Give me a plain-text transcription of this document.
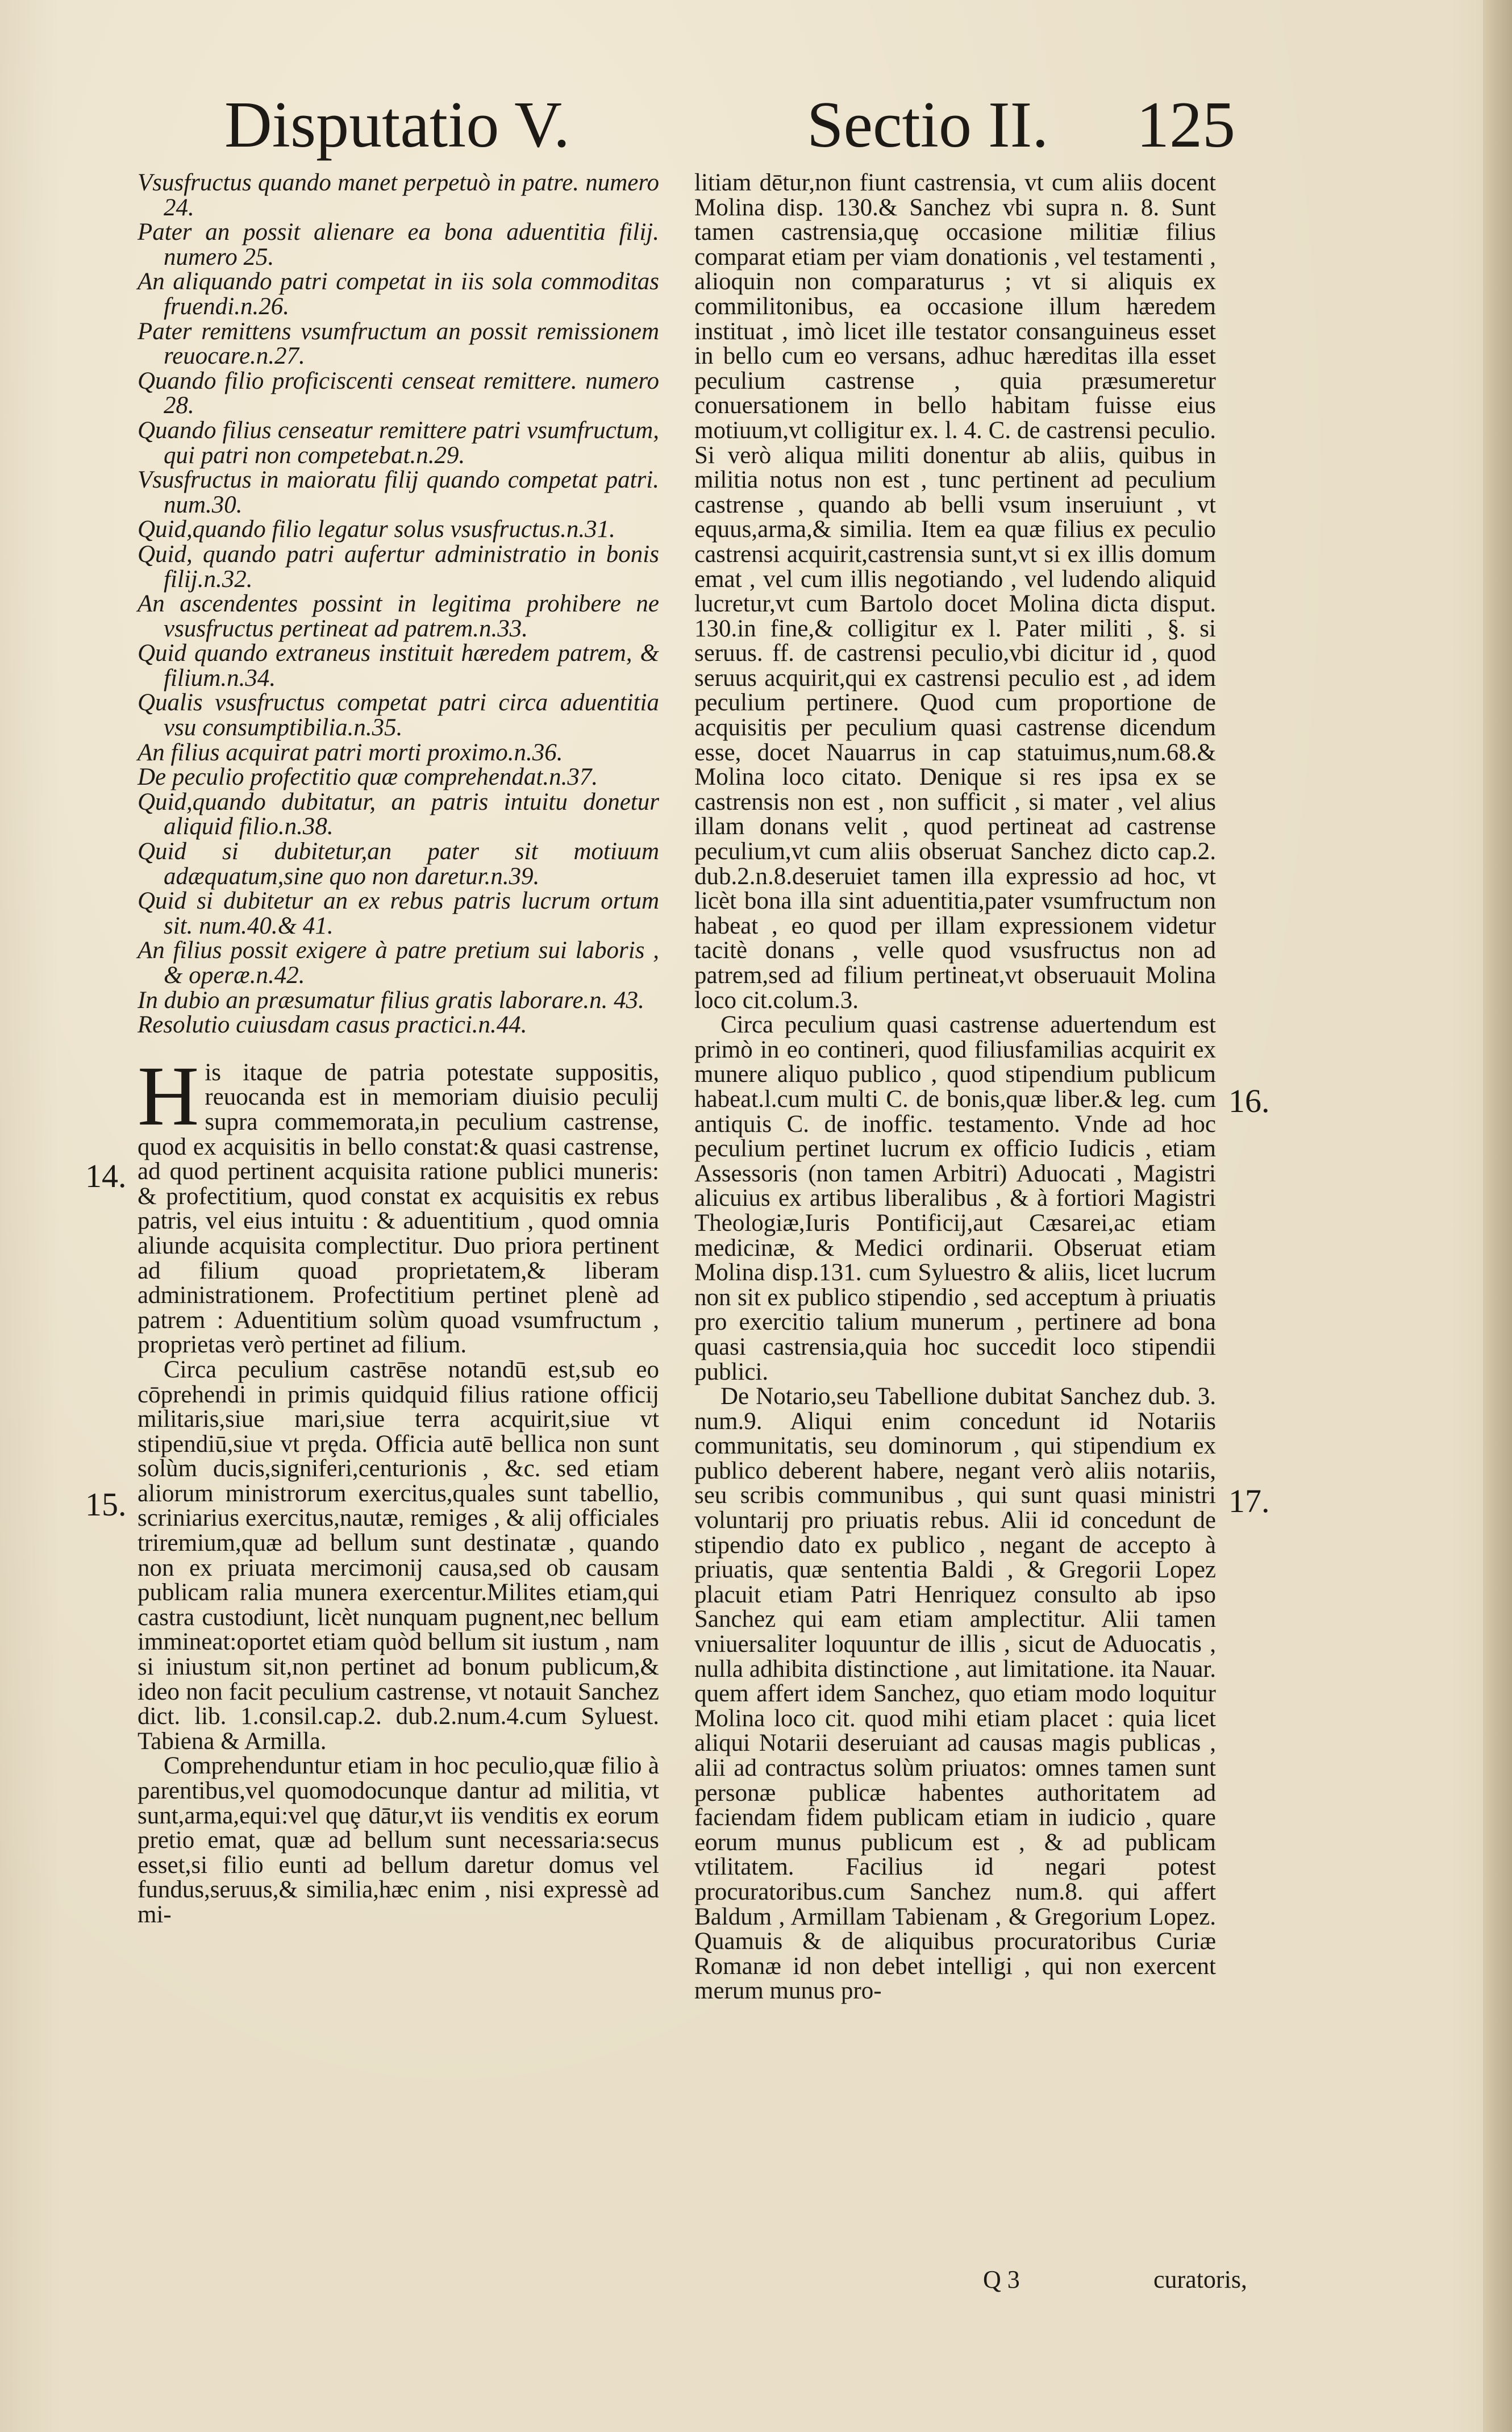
Disputatio V.	Sectio II. 125

Vsusfructus quando manet perpetuò in patre. numero 24.

Pater an possit alienare ea bona aduentitia filij. numero 25.

An aliquando patri competat in iis sola commoditas fruendi.n.26.

Pater remittens vsumfructum an possit remissionem reuocare.n.27.

Quando filio proficiscenti censeat remittere. numero 28.

Quando filius censeatur remittere patri vsumfructum, qui patri non competebat.n.29.

Vsusfructus in maioratu filij quando competat patri. num.30.

Quid,quando filio legatur solus vsusfructus.n.31.

Quid, quando patri aufertur administratio in bonis filij.n.32.

An ascendentes possint in legitima prohibere ne vsusfructus pertineat ad patrem.n.33.

Quid quando extraneus instituit hæredem patrem, & filium.n.34.

Qualis vsusfructus competat patri circa aduentitia vsu consumptibilia.n.35.

An filius acquirat patri morti proximo.n.36.

De peculio profectitio quæ comprehendat.n.37.

Quid,quando dubitatur, an patris intuitu donetur aliquid filio.n.38.

Quid si dubitetur,an pater sit motiuum adæquatum,sine quo non daretur.n.39.

Quid si dubitetur an ex rebus patris lucrum ortum sit. num.40.& 41.

An filius possit exigere à patre pretium sui laboris , & operæ.n.42.

In dubio an præsumatur filius gratis laborare.n. 43.

Resolutio cuiusdam casus practici.n.44.

His itaque de patria potestate suppositis, reuocanda est in memoriam diuisio peculij supra commemorata,in peculium castrense, quod ex acquisitis in bello constat:& quasi castrense, ad quod pertinent acquisita ratione publici muneris: & profectitium, quod constat ex acquisitis ex rebus patris, vel eius intuitu : & aduentitium , quod omnia aliunde acquisita complectitur. Duo priora pertinent ad filium quoad proprietatem,& liberam administrationem. Profectitium pertinet plenè ad patrem : Aduentitium solùm quoad vsumfructum , proprietas verò pertinet ad filium.

Circa peculium castrēse notandū est,sub eo cōprehendi in primis quidquid filius ratione officij militaris,siue mari,siue terra acquirit,siue vt stipendiū,siue vt prȩda. Officia autē bellica non sunt solùm ducis,signiferi,centurionis , &c. sed etiam aliorum ministrorum exercitus,quales sunt tabellio, scriniarius exercitus,nautæ, remiges , & alij officiales triremium,quæ ad bellum sunt destinatæ , quando non ex priuata mercimonij causa,sed ob causam publicam ralia munera exercentur.Milites etiam,qui castra custodiunt, licèt nunquam pugnent,nec bellum immineat:oportet etiam quòd bellum sit iustum , nam si iniustum sit,non pertinet ad bonum publicum,& ideo non facit peculium castrense, vt notauit Sanchez dict. lib. 1.consil.cap.2. dub.2.num.4.cum Syluest. Tabiena & Armilla.

Comprehenduntur etiam in hoc peculio,quæ filio à parentibus,vel quomodocunque dantur ad militia, vt sunt,arma,equi:vel quȩ dātur,vt iis venditis ex eorum pretio emat, quæ ad bellum sunt necessaria:secus esset,si filio eunti ad bellum daretur domus vel fundus,seruus,& similia,hæc enim , nisi expressè ad mi-

litiam dētur,non fiunt castrensia, vt cum aliis docent Molina disp. 130.& Sanchez vbi supra n. 8. Sunt tamen castrensia,quȩ occasione militiæ filius comparat etiam per viam donationis , vel testamenti , alioquin non comparaturus ; vt si aliquis ex commilitonibus, ea occasione illum hæredem instituat , imò licet ille testator consanguineus esset in bello cum eo versans, adhuc hæreditas illa esset peculium castrense , quia præsumeretur conuersationem in bello habitam fuisse eius motiuum,vt colligitur ex. l. 4. C. de castrensi peculio. Si verò aliqua militi donentur ab aliis, quibus in militia notus non est , tunc pertinent ad peculium castrense , quando ab belli vsum inseruiunt , vt equus,arma,& similia. Item ea quæ filius ex peculio castrensi acquirit,castrensia sunt,vt si ex illis domum emat , vel cum illis negotiando , vel ludendo aliquid lucretur,vt cum Bartolo docet Molina dicta disput. 130.in fine,& colligitur ex l. Pater militi , §. si seruus. ff. de castrensi peculio,vbi dicitur id , quod seruus acquirit,qui ex castrensi peculio est , ad idem peculium pertinere. Quod cum proportione de acquisitis per peculium quasi castrense dicendum esse, docet Nauarrus in cap statuimus,num.68.& Molina loco citato. Denique si res ipsa ex se castrensis non est , non sufficit , si mater , vel alius illam donans velit , quod pertineat ad castrense peculium,vt cum aliis obseruat Sanchez dicto cap.2. dub.2.n.8.deseruiet tamen illa expressio ad hoc, vt licèt bona illa sint aduentitia,pater vsumfructum non habeat , eo quod per illam expressionem videtur tacitè donans , velle quod vsusfructus non ad patrem,sed ad filium pertineat,vt obseruauit Molina loco cit.colum.3.

Circa peculium quasi castrense aduertendum est primò in eo contineri, quod filiusfamilias acquirit ex munere aliquo publico , quod stipendium publicum habeat.l.cum multi C. de bonis,quæ liber.& leg. cum antiquis C. de inoffic. testamento. Vnde ad hoc peculium pertinet lucrum ex officio Iudicis , etiam Assessoris (non tamen Arbitri) Aduocati , Magistri alicuius ex artibus liberalibus , & à fortiori Magistri Theologiæ,Iuris Pontificij,aut Cæsarei,ac etiam medicinæ, & Medici ordinarii. Obseruat etiam Molina disp.131. cum Syluestro & aliis, licet lucrum non sit ex publico stipendio , sed acceptum à priuatis pro exercitio talium munerum , pertinere ad bona quasi castrensia,quia hoc succedit loco stipendii publici.

De Notario,seu Tabellione dubitat Sanchez dub. 3. num.9. Aliqui enim concedunt id Notariis communitatis, seu dominorum , qui stipendium ex publico deberent habere, negant verò aliis notariis, seu scribis communibus , qui sunt quasi ministri voluntarij pro priuatis rebus. Alii id concedunt de stipendio dato ex publico , negant de accepto à priuatis, quæ sententia Baldi , & Gregorii Lopez placuit etiam Patri Henriquez consulto ab ipso Sanchez qui eam etiam amplectitur. Alii tamen vniuersaliter loquuntur de illis , sicut de Aduocatis , nulla adhibita distinctione , aut limitatione. ita Nauar. quem affert idem Sanchez, quo etiam modo loquitur Molina loco cit. quod mihi etiam placet : quia licet aliqui Notarii deseruiant ad causas magis publicas , alii ad contractus solùm priuatos: omnes tamen sunt personæ publicæ habentes authoritatem ad faciendam fidem publicam etiam in iudicio , quare eorum munus publicum est , & ad publicam vtilitatem. Facilius id negari potest procuratoribus.cum Sanchez num.8. qui affert Baldum , Armillam Tabienam , & Gregorium Lopez. Quamuis & de aliquibus procuratoribus Curiæ Romanæ id non debet intelligi , qui non exercent merum munus pro-

14.
15.
16.
17.
Q 3	curatoris,
